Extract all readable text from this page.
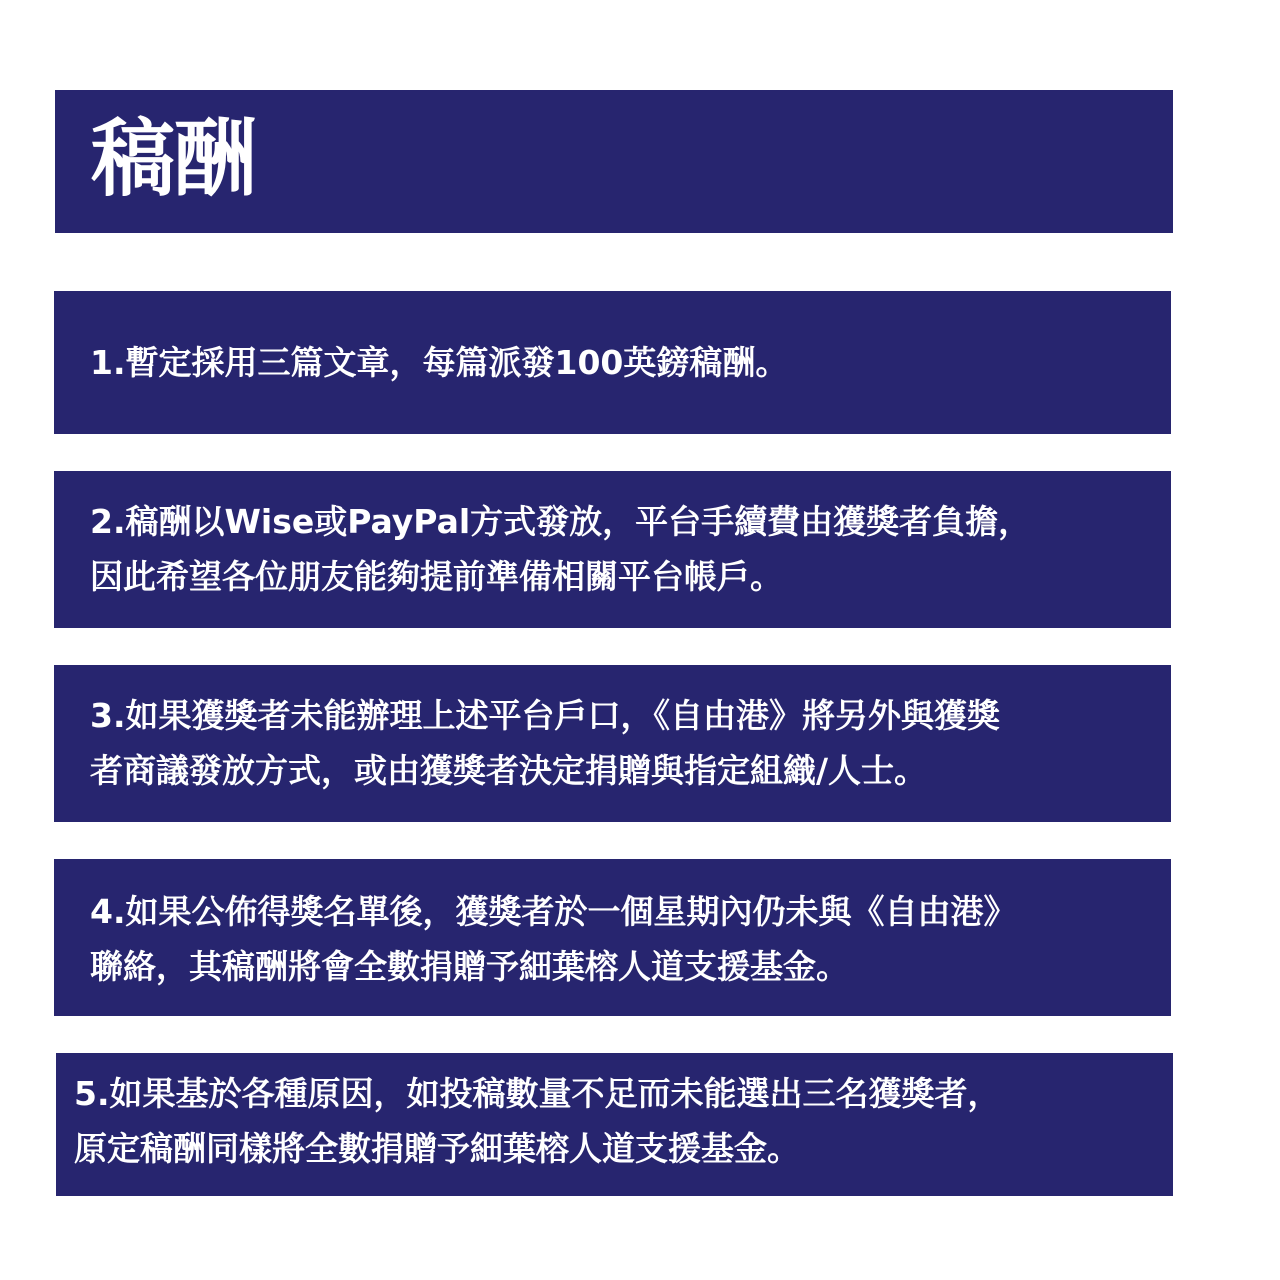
稿酬
1.暫定採用三篇文章，每篇派發100英鎊稿酬。
2.稿酬以Wise或PayPal方式發放，平台手續費由獲獎者負擔，
因此希望各位朋友能夠提前準備相關平台帳戶。
3.如果獲獎者未能辦理上述平台戶口，《自由港》將另外與獲獎
者商議發放方式，或由獲獎者決定捐贈與指定組織/人士。
4.如果公佈得獎名單後，獲獎者於一個星期內仍未與《自由港》
聯絡，其稿酬將會全數捐贈予細葉榕人道支援基金。
5.如果基於各種原因，如投稿數量不足而未能選出三名獲獎者，
原定稿酬同樣將全數捐贈予細葉榕人道支援基金。
